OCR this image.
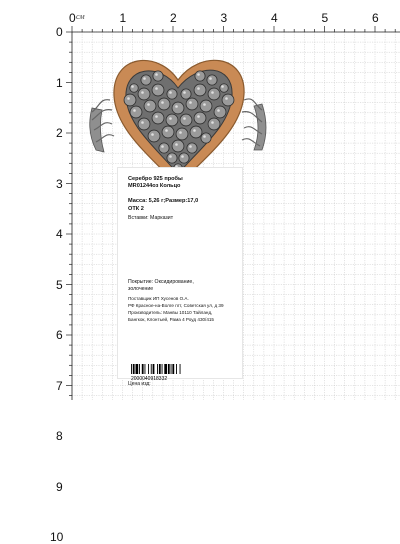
0	1	2	3	4	5	6
0
1
2
3
4
5
6
7
8
9
10
см
Серебро 925 пробы
MR01244оз Кольцо
Масса: 5,26 г;Размер:17,0
ОТК 2
Вставки: Марказит
Покрытие: Оксидирование,
золочение
Поставщик ИП Хусенов О.А.
РФ Красное-на-Волге пгт, Советская ул, д 39
Производитель: Манвы 10110 Тайланд,
Бангкок, Клонтьей, Рама 4 Роуд 430/415
2000040918332
Цена изд:
